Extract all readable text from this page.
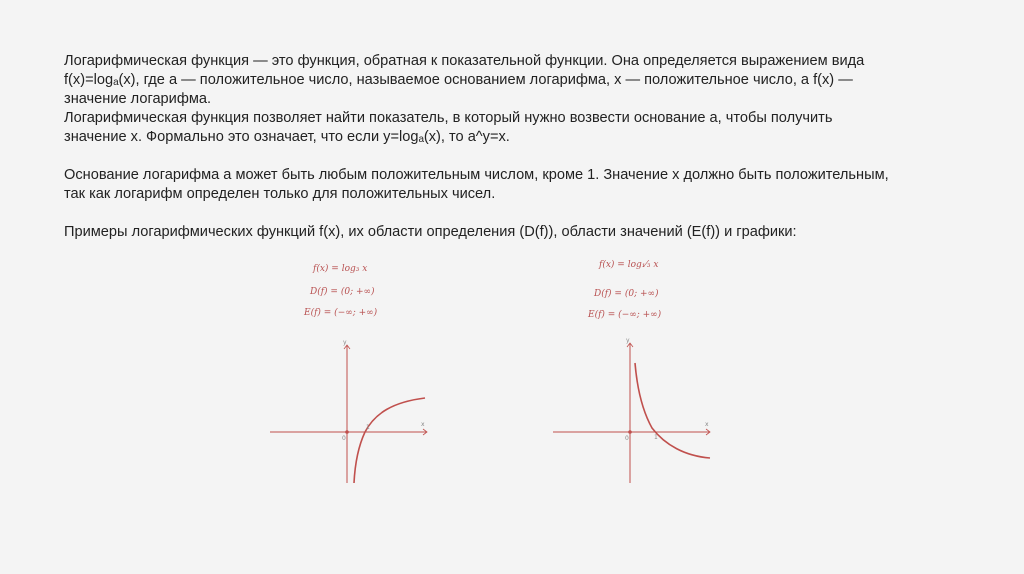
Логарифмическая функция — это функция, обратная к показательной функции. Она определяется выражением вида

f(x)=logₐ(x), где a — положительное число, называемое основанием логарифма, x — положительное число, а f(x) —

значение логарифма.

Логарифмическая функция позволяет найти показатель, в который нужно возвести основание a, чтобы получить

значение x. Формально это означает, что если y=logₐ(x), то a^y=x.

Основание логарифма a может быть любым положительным числом, кроме 1. Значение x должно быть положительным,

так как логарифм определен только для положительных чисел.

Примеры логарифмических функций f(x), их области определения (D(f)), области значений (E(f)) и графики:

f(x) = log₃ x
D(f) = (0; +∞)
E(f) = (−∞; +∞)
y
x
0
1
f(x) = log₁⁄₃ x
D(f) = (0; +∞)
E(f) = (−∞; +∞)
y
x
0	1
